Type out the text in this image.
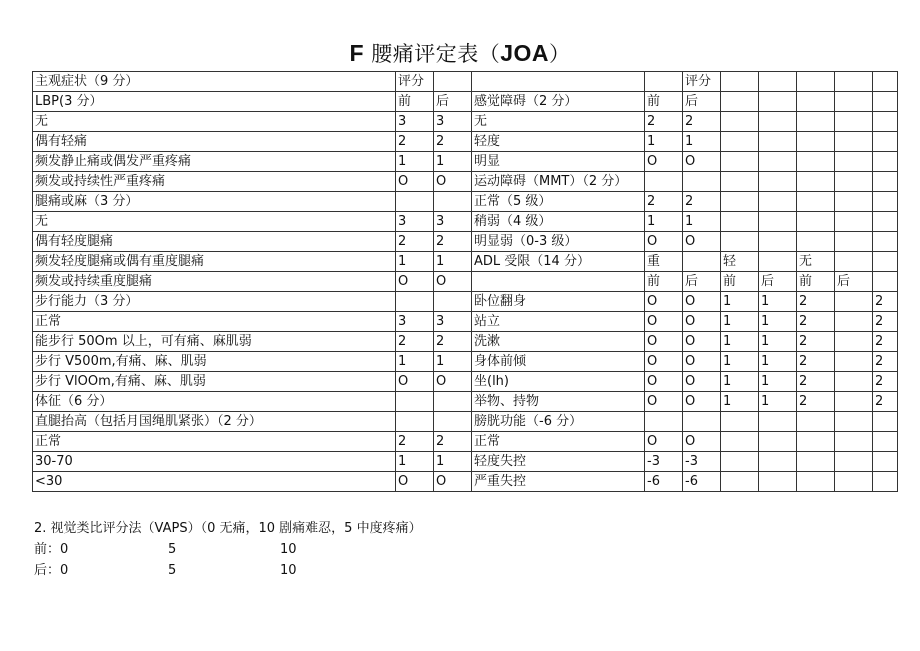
F 腰痛评定表（JOA）
主观症状（9 分）	评分				评分					
LBP(3 分）	前	后	感觉障碍（2 分）	前	后					
无	3	3	无	2	2					
偶有轻痛	2	2	轻度	1	1					
频发静止痛或偶发严重疼痛	1	1	明显	O	O					
频发或持续性严重疼痛	O	O	运动障碍（MMT）（2 分）							
腿痛或麻（3 分）			正常（5 级）	2	2					
无	3	3	稍弱（4 级）	1	1					
偶有轻度腿痛	2	2	明显弱（0-3 级）	O	O					
频发轻度腿痛或偶有重度腿痛	1	1	ADL 受限（14 分）	重		轻		无		
频发或持续重度腿痛	O	O		前	后	前	后	前	后	
步行能力（3 分）			卧位翻身	O	O	1	1	2		2
正常	3	3	站立	O	O	1	1	2		2
能步行 50Om 以上，可有痛、麻肌弱	2	2	洗漱	O	O	1	1	2		2
步行 V500m,有痛、麻、肌弱	1	1	身体前倾	O	O	1	1	2		2
步行 VlOOm,有痛、麻、肌弱	O	O	坐(lh)	O	O	1	1	2		2
体征（6 分）			举物、持物	O	O	1	1	2		2
直腿抬高（包括月国绳肌紧张）（2 分）			膀胱功能（-6 分）							
正常	2	2	正常	O	O					
30-70	1	1	轻度失控	-3	-3					
<30	O	O	严重失控	-6	-6					
2. 视觉类比评分法（VAPS）（0 无痛，10 剧痛难忍，5 中度疼痛）
前：0	5	10
后：0	5	10
